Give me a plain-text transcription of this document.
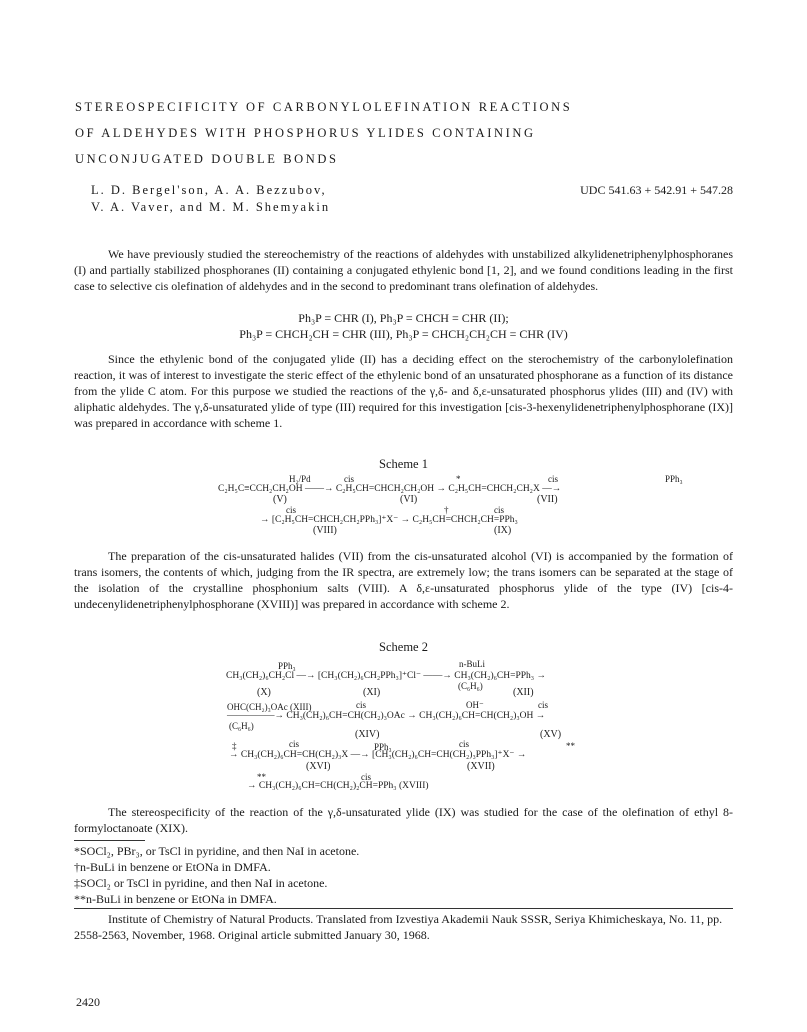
STEREOSPECIFICITY OF CARBONYLOLEFINATION REACTIONS
OF ALDEHYDES WITH PHOSPHORUS YLIDES CONTAINING
UNCONJUGATED DOUBLE BONDS
L. D. Bergel'son, A. A. Bezzubov,
V. A. Vaver, and M. M. Shemyakin
UDC 541.63 + 542.91 + 547.28
We have previously studied the stereochemistry of the reactions of aldehydes with unstabilized alkylidenetriphenylphosphoranes (I) and partially stabilized phosphoranes (II) containing a conjugated ethylenic bond [1, 2], and we found conditions leading in the first case to selective cis olefination of aldehydes and in the second to predominant trans olefination of aldehydes.
Ph₃P = CHR (I), Ph₃P = CHCH = CHR (II);
Ph₃P = CHCH₂CH = CHR (III), Ph₃P = CHCH₂CH₂CH = CHR (IV)
Since the ethylenic bond of the conjugated ylide (II) has a deciding effect on the sterochemistry of the carbonylolefination reaction, it was of interest to investigate the steric effect of the ethylenic bond of an unsaturated phosphorane as a function of its distance from the ylide C atom. For this purpose we studied the reactions of the γ,δ- and δ,ε-unsaturated phosphorus ylides (III) and (IV) with aliphatic aldehydes. The γ,δ-unsaturated ylide of type (III) required for this investigation [cis-3-hexenylidenetriphenylphosphorane (IX)] was prepared in accordance with scheme 1.
Scheme 1
H₂/Pd	cis	*	cis	PPh₃
C₂H₅C≡CCH₂CH₂OH ——→ C₂H₅CH=CHCH₂CH₂OH → C₂H₅CH=CHCH₂CH₂X —→
(V)	(VI)	(VII)
cis	†	cis
→ [C₂H₅CH=CHCH₂CH₂PPh₃]⁺X⁻ → C₂H₅CH=CHCH₂CH=PPh₃
(VIII)	(IX)
The preparation of the cis-unsaturated halides (VII) from the cis-unsaturated alcohol (VI) is accompanied by the formation of trans isomers, the contents of which, judging from the IR spectra, are extremely low; the trans isomers can be separated at the stage of the isolation of the crystalline phosphonium salts (VIII). A δ,ε-unsaturated phosphorus ylide of the type (IV) [cis-4-undecenylidenetriphenylphosphorane (XVIII)] was prepared in accordance with scheme 2.
Scheme 2
PPh₃	n-BuLi
CH₃(CH₂)₆CH₂Cl —→ [CH₃(CH₂)₆CH₂PPh₃]⁺Cl⁻ ——→ CH₃(CH₂)₆CH=PPh₃ →
(C₆H₆)
(X)	(XI)	(XII)
OHC(CH₂)₃OAc (XIII)	cis	OH⁻	cis
—————→ CH₃(CH₂)₆CH=CH(CH₂)₃OAc → CH₃(CH₂)₆CH=CH(CH₂)₃OH →
(C₆H₆)
(XIV)	(XV)
‡	cis	PPh₃	cis	**
→ CH₃(CH₂)₆CH=CH(CH₂)₃X —→ [CH₃(CH₂)₆CH=CH(CH₂)₃PPh₃]⁺X⁻ →
(XVI)	(XVII)
**	cis
→ CH₃(CH₂)₆CH=CH(CH₂)₂CH=PPh₃ (XVIII)
The stereospecificity of the reaction of the γ,δ-unsaturated ylide (IX) was studied for the case of the olefination of ethyl 8-formyloctanoate (XIX).
*SOCl₂, PBr₃, or TsCl in pyridine, and then NaI in acetone.
†n-BuLi in benzene or EtONa in DMFA.
‡SOCl₂ or TsCl in pyridine, and then NaI in acetone.
**n-BuLi in benzene or EtONa in DMFA.
Institute of Chemistry of Natural Products. Translated from Izvestiya Akademii Nauk SSSR, Seriya Khimicheskaya, No. 11, pp. 2558-2563, November, 1968. Original article submitted January 30, 1968.
2420
